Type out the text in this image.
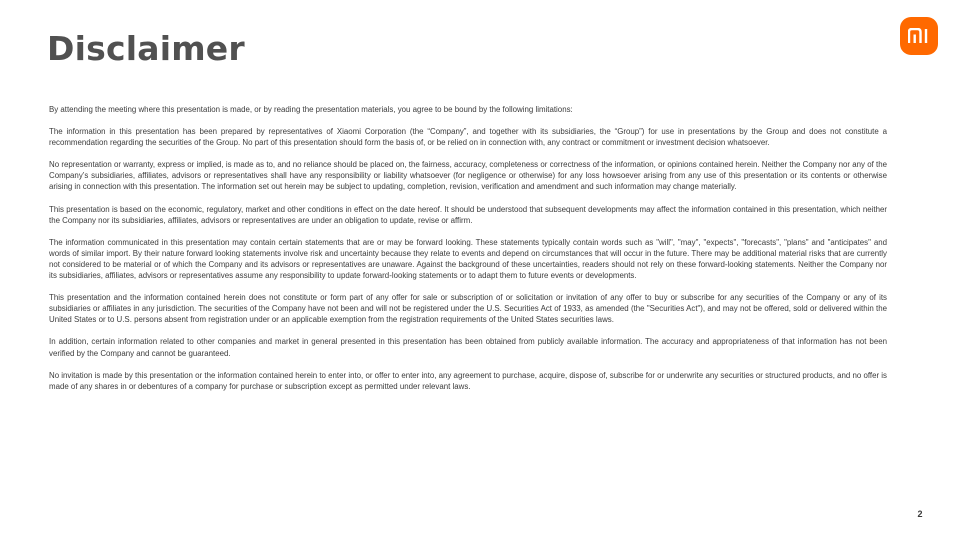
Disclaimer

By attending the meeting where this presentation is made, or by reading the presentation materials, you agree to be bound by the following limitations:

The information in this presentation has been prepared by representatives of Xiaomi Corporation (the “Company”, and together with its subsidiaries, the “Group”) for use in presentations by the Group and does not constitute a recommendation regarding the securities of the Group. No part of this presentation should form the basis of, or be relied on in connection with, any contract or commitment or investment decision whatsoever.

No representation or warranty, express or implied, is made as to, and no reliance should be placed on, the fairness, accuracy, completeness or correctness of the information, or opinions contained herein. Neither the Company nor any of the Company’s subsidiaries, affiliates, advisors or representatives shall have any responsibility or liability whatsoever (for negligence or otherwise) for any loss howsoever arising from any use of this presentation or its contents or otherwise arising in connection with this presentation. The information set out herein may be subject to updating, completion, revision, verification and amendment and such information may change materially.

This presentation is based on the economic, regulatory, market and other conditions in effect on the date hereof. It should be understood that subsequent developments may affect the information contained in this presentation, which neither the Company nor its subsidiaries, affiliates, advisors or representatives are under an obligation to update, revise or affirm.

The information communicated in this presentation may contain certain statements that are or may be forward looking. These statements typically contain words such as "will", "may", "expects", "forecasts", "plans" and "anticipates" and words of similar import. By their nature forward looking statements involve risk and uncertainty because they relate to events and depend on circumstances that will occur in the future. There may be additional material risks that are currently not considered to be material or of which the Company and its advisors or representatives are unaware. Against the background of these uncertainties, readers should not rely on these forward-looking statements. Neither the Company nor its subsidiaries, affiliates, advisors or representatives assume any responsibility to update forward-looking statements or to adapt them to future events or developments.

This presentation and the information contained herein does not constitute or form part of any offer for sale or subscription of or solicitation or invitation of any offer to buy or subscribe for any securities of the Company or any of its subsidiaries or affiliates in any jurisdiction. The securities of the Company have not been and will not be registered under the U.S. Securities Act of 1933, as amended (the "Securities Act"), and may not be offered, sold or delivered within the United States or to U.S. persons absent from registration under or an applicable exemption from the registration requirements of the United States securities laws.

In addition, certain information related to other companies and market in general presented in this presentation has been obtained from publicly available information. The accuracy and appropriateness of that information has not been verified by the Company and cannot be guaranteed.

No invitation is made by this presentation or the information contained herein to enter into, or offer to enter into, any agreement to purchase, acquire, dispose of, subscribe for or underwrite any securities or structured products, and no offer is made of any shares in or debentures of a company for purchase or subscription except as permitted under relevant laws.

2
